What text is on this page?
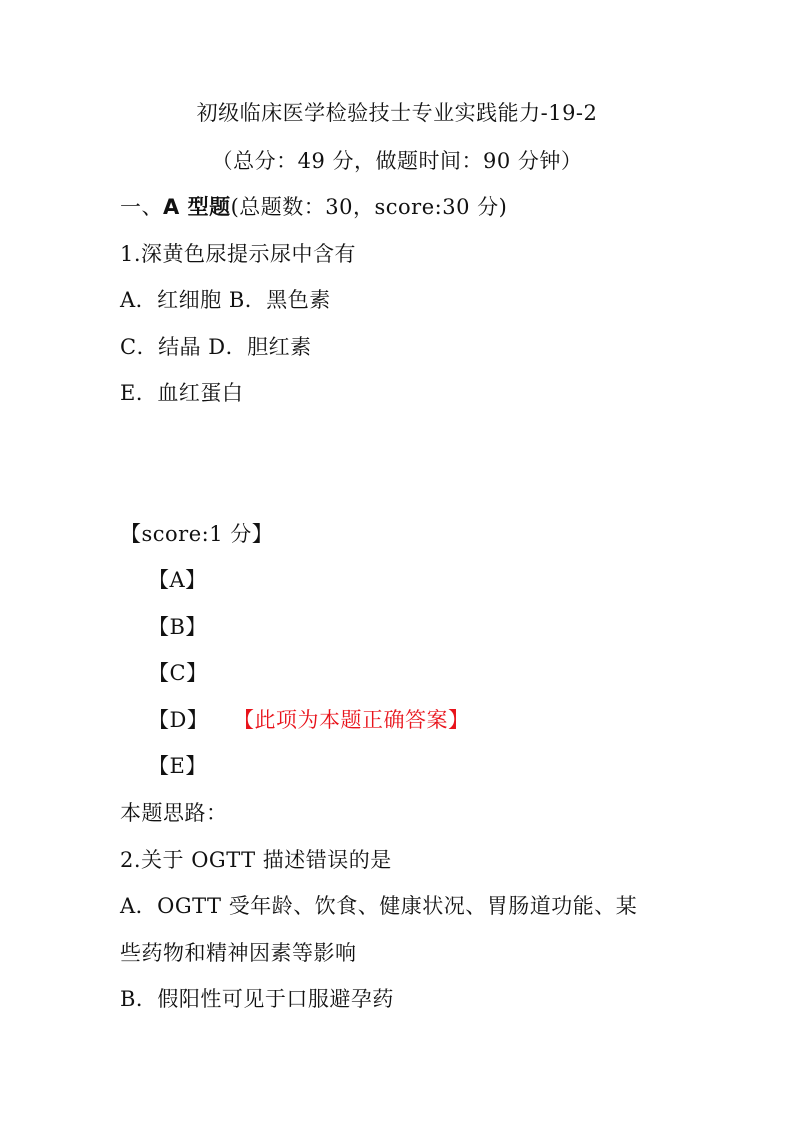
初级临床医学检验技士专业实践能力-19-2
（总分：49 分，做题时间：90 分钟）
一、A 型题(总题数：30，score:30 分)
1.深黄色尿提示尿中含有
A．红细胞 B．黑色素
C．结晶 D．胆红素
E．血红蛋白
【score:1 分】
【A】
【B】
【C】
【D】 【此项为本题正确答案】
【E】
本题思路：
2.关于 OGTT 描述错误的是
A．OGTT 受年龄、饮食、健康状况、胃肠道功能、某
些药物和精神因素等影响
B．假阳性可见于口服避孕药
